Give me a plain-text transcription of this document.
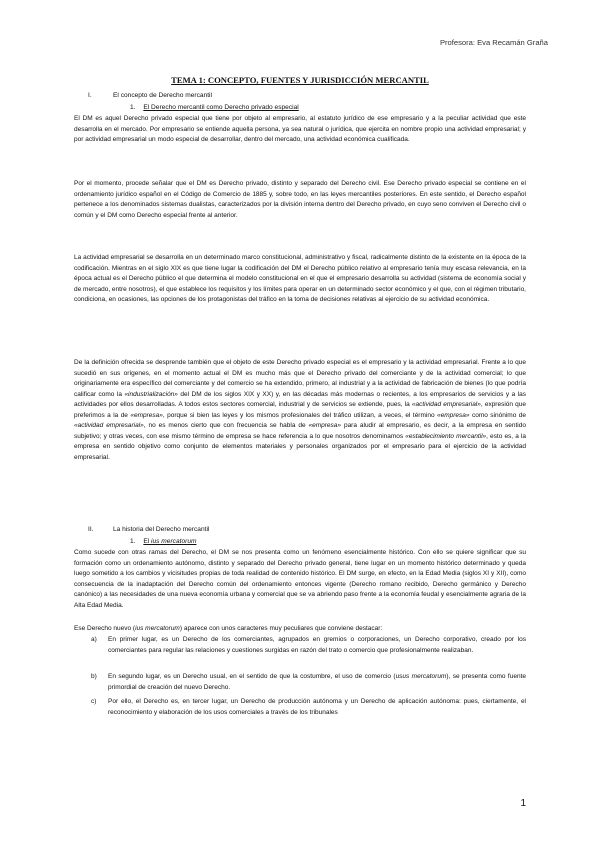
Profesora: Eva Recamán Graña
TEMA 1: CONCEPTO, FUENTES Y JURISDICCIÓN MERCANTIL
I.	El concepto de Derecho mercantil
1. El Derecho mercantil como Derecho privado especial
El DM es aquel Derecho privado especial que tiene por objeto al empresario, al estatuto jurídico de ese empresario y a la peculiar actividad que este desarrolla en el mercado. Por empresario se entiende aquella persona, ya sea natural o jurídica, que ejercita en nombre propio una actividad empresarial; y por actividad empresarial un modo especial de desarrollar, dentro del mercado, una actividad económica cualificada.
Por el momento, procede señalar que el DM es Derecho privado, distinto y separado del Derecho civil. Ese Derecho privado especial se contiene en el ordenamiento jurídico español en el Código de Comercio de 1885 y, sobre todo, en las leyes mercantiles posteriores. En este sentido, el Derecho español pertenece a los denominados sistemas dualistas, caracterizados por la división interna dentro del Derecho privado, en cuyo seno conviven el Derecho civil o común y el DM como Derecho especial frente al anterior.
La actividad empresarial se desarrolla en un determinado marco constitucional, administrativo y fiscal, radicalmente distinto de la existente en la época de la codificación. Mientras en el siglo XIX es que tiene lugar la codificación del DM el Derecho público relativo al empresario tenía muy escasa relevancia, en la época actual es el Derecho público el que determina el modelo constitucional en el que el empresario desarrolla su actividad (sistema de economía social y de mercado, entre nosotros), el que establece los requisitos y los límites para operar en un determinado sector económico y el que, con el régimen tributario, condiciona, en ocasiones, las opciones de los protagonistas del tráfico en la toma de decisiones relativas al ejercicio de su actividad económica.
De la definición ofrecida se desprende también que el objeto de este Derecho privado especial es el empresario y la actividad empresarial. Frente a lo que sucedió en sus orígenes, en el momento actual el DM es mucho más que el Derecho privado del comerciante y de la actividad comercial; lo que originariamente era específico del comerciante y del comercio se ha extendido, primero, al industrial y a la actividad de fabricación de bienes (lo que podría calificar como la «industrialización» del DM de los siglos XIX y XX) y, en las décadas más modernas o recientes, a los empresarios de servicios y a las actividades por ellos desarrolladas. A todos estos sectores comercial, industrial y de servicios se extiende, pues, la «actividad empresarial», expresión que preferimos a la de «empresa», porque si bien las leyes y los mismos profesionales del tráfico utilizan, a veces, el término «empresa» como sinónimo de «actividad empresarial», no es menos cierto que con frecuencia se habla de «empresa» para aludir al empresario, es decir, a la empresa en sentido subjetivo; y otras veces, con ese mismo término de empresa se hace referencia a lo que nosotros denominamos «establecimiento mercantil», esto es, a la empresa en sentido objetivo como conjunto de elementos materiales y personales organizados por el empresario para el ejercicio de la actividad empresarial.
II.	La historia del Derecho mercantil
1. El ius mercatorum
Como sucede con otras ramas del Derecho, el DM se nos presenta como un fenómeno esencialmente histórico. Con ello se quiere significar que su formación como un ordenamiento autónomo, distinto y separado del Derecho privado general, tiene lugar en un momento histórico determinado y queda luego sometido a los cambios y vicisitudes propias de toda realidad de contenido histórico. El DM surge, en efecto, en la Edad Media (siglos XI y XII), como consecuencia de la inadaptación del Derecho común del ordenamiento entonces vigente (Derecho romano recibido, Derecho germánico y Derecho canónico) a las necesidades de una nueva economía urbana y comercial que se va abriendo paso frente a la economía feudal y esencialmente agraria de la Alta Edad Media.
Ese Derecho nuevo (ius mercatorum) aparece con unos caracteres muy peculiares que conviene destacar:
a) En primer lugar, es un Derecho de los comerciantes, agrupados en gremios o corporaciones, un Derecho corporativo, creado por los comerciantes para regular las relaciones y cuestiones surgidas en razón del trato o comercio que profesionalmente realizaban.
b) En segundo lugar, es un Derecho usual, en el sentido de que la costumbre, el uso de comercio (usus mercatorum), se presenta como fuente primordial de creación del nuevo Derecho.
c) Por ello, el Derecho es, en tercer lugar, un Derecho de producción autónoma y un Derecho de aplicación autónoma: pues, ciertamente, el reconocimiento y elaboración de los usos comerciales a través de los tribunales
1
